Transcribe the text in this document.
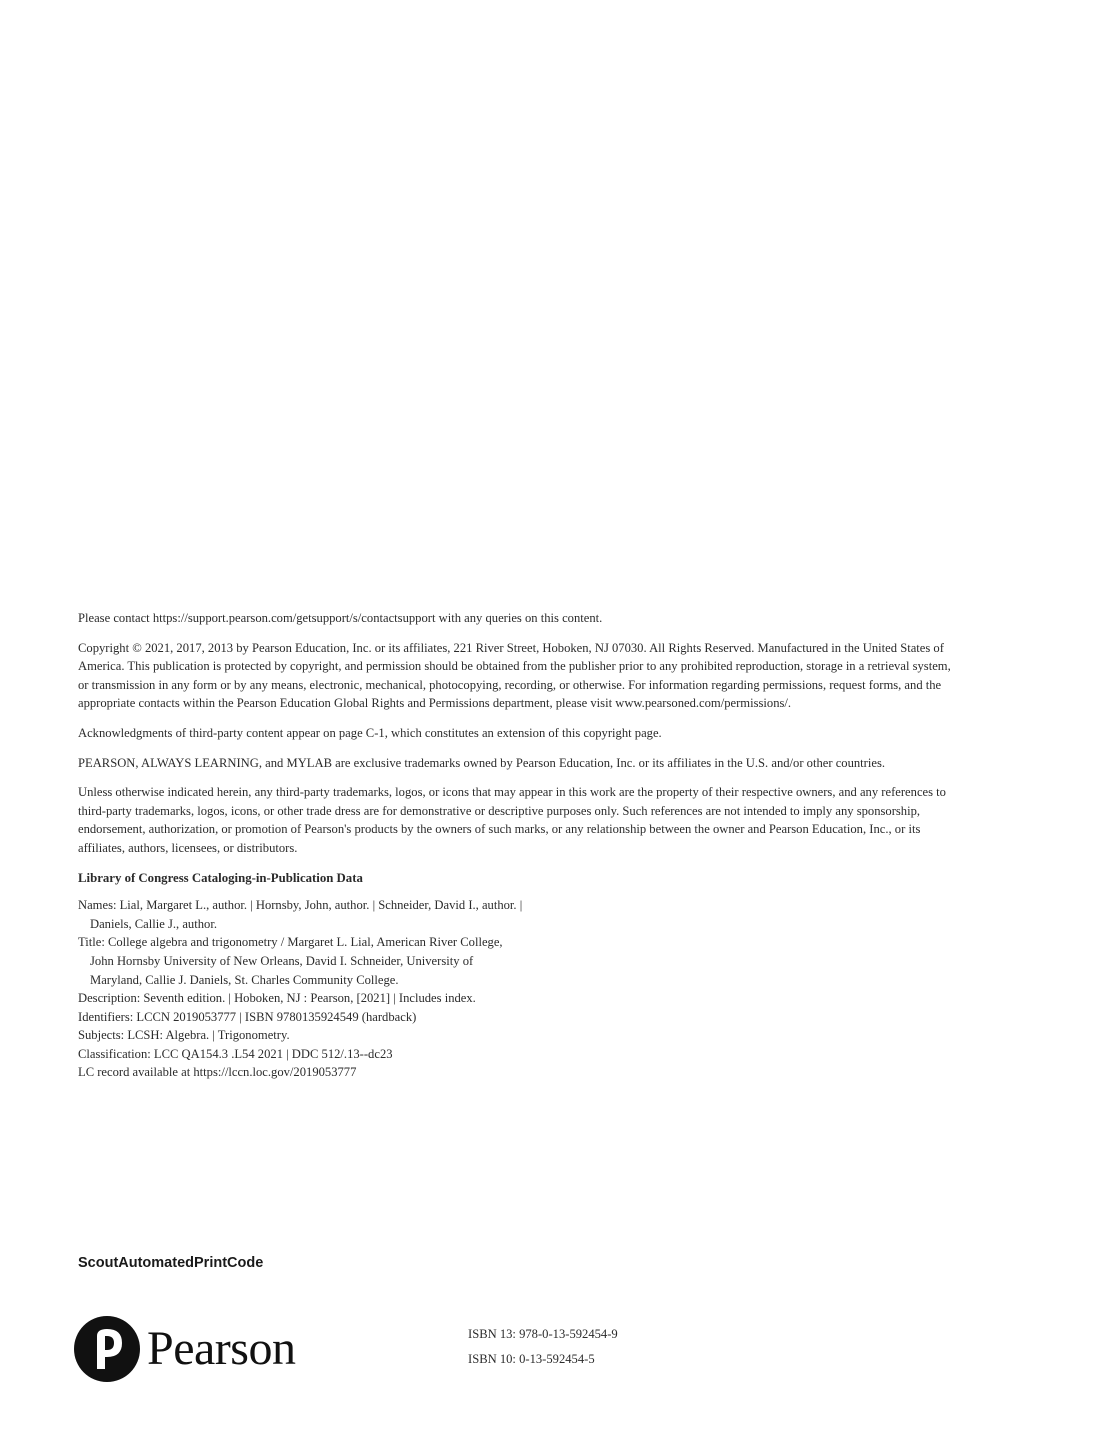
Please contact https://support.pearson.com/getsupport/s/contactsupport with any queries on this content.

Copyright © 2021, 2017, 2013 by Pearson Education, Inc. or its affiliates, 221 River Street, Hoboken, NJ 07030. All Rights Reserved. Manufactured in the United States of America. This publication is protected by copyright, and permission should be obtained from the publisher prior to any prohibited reproduction, storage in a retrieval system, or transmission in any form or by any means, electronic, mechanical, photocopying, recording, or otherwise. For information regarding permissions, request forms, and the appropriate contacts within the Pearson Education Global Rights and Permissions department, please visit www.pearsoned.com/permissions/.

Acknowledgments of third-party content appear on page C-1, which constitutes an extension of this copyright page.

PEARSON, ALWAYS LEARNING, and MYLAB are exclusive trademarks owned by Pearson Education, Inc. or its affiliates in the U.S. and/or other countries.

Unless otherwise indicated herein, any third-party trademarks, logos, or icons that may appear in this work are the property of their respective owners, and any references to third-party trademarks, logos, icons, or other trade dress are for demonstrative or descriptive purposes only. Such references are not intended to imply any sponsorship, endorsement, authorization, or promotion of Pearson's products by the owners of such marks, or any relationship between the owner and Pearson Education, Inc., or its affiliates, authors, licensees, or distributors.

Library of Congress Cataloging-in-Publication Data

Names: Lial, Margaret L., author. | Hornsby, John, author. | Schneider, David I., author. | Daniels, Callie J., author.

Title: College algebra and trigonometry / Margaret L. Lial, American River College, John Hornsby University of New Orleans, David I. Schneider, University of Maryland, Callie J. Daniels, St. Charles Community College.

Description: Seventh edition. | Hoboken, NJ : Pearson, [2021] | Includes index.

Identifiers: LCCN 2019053777 | ISBN 9780135924549 (hardback)

Subjects: LCSH: Algebra. | Trigonometry.

Classification: LCC QA154.3 .L54 2021 | DDC 512/.13--dc23

LC record available at https://lccn.loc.gov/2019053777

ScoutAutomatedPrintCode
Pearson	ISBN 13: 978-0-13-592454-9
ISBN 10: 0-13-592454-5
